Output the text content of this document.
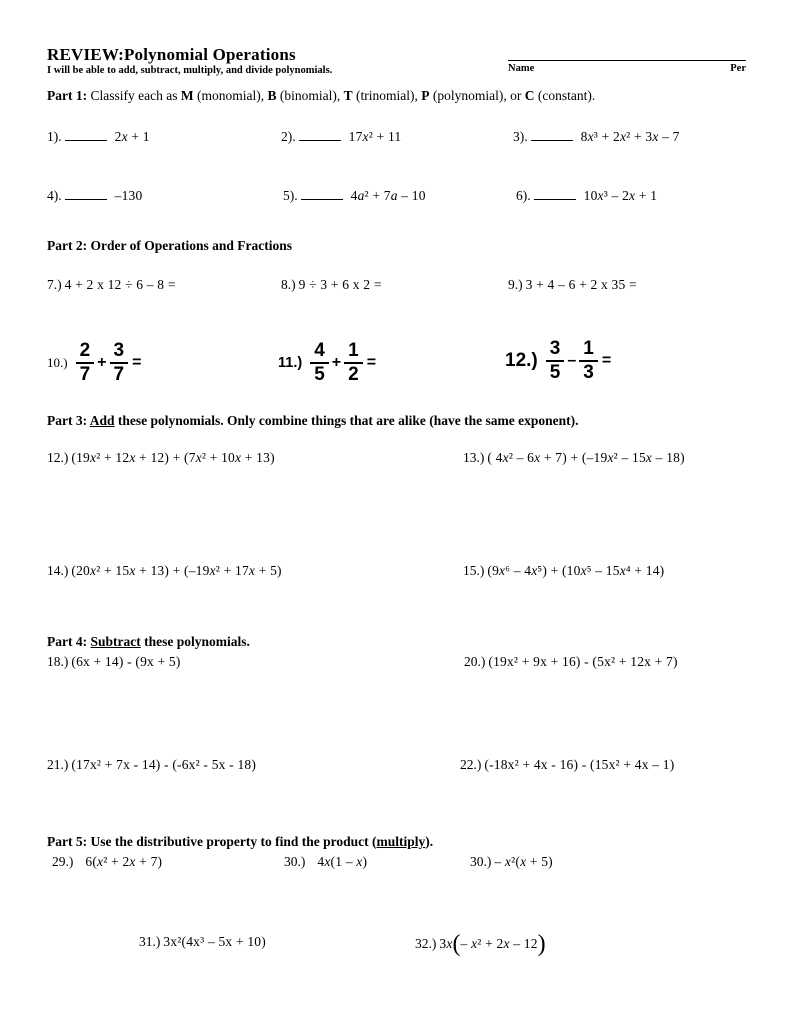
REVIEW:Polynomial Operations
I will be able to add, subtract, multiply, and divide polynomials.	Name	Per
Part 1: Classify each as M (monomial), B (binomial), T (trinomial), P (polynomial), or C (constant).
1).	2x + 1	2).	17x² + 11	3).	8x³ + 2x² + 3x – 7
4).	–130	5).	4a² + 7a – 10	6).	10x³ – 2x + 1
Part 2: Order of Operations and Fractions
7.) 4 + 2 x 12 ÷ 6 – 8 =	8.) 9 ÷ 3 + 6 x 2 =	9.) 3 + 4 – 6 + 2 x 35 =
$10.) \frac{2}{7} + \frac{3}{7}$ =	$11.) \frac{4}{5} + \frac{1}{2}$ =	$12.) \frac{3}{5} - \frac{1}{3}$ =
Part 3: Add these polynomials. Only combine things that are alike (have the same exponent).
12.) (19x² + 12x + 12) + (7x² + 10x + 13)	13.) ( 4x² – 6x + 7) + (–19x² – 15x – 18)
14.) (20x² + 15x + 13) + (–19x² + 17x + 5)	15.) (9x⁶ – 4x⁵) + (10x⁵ – 15x⁴ + 14)
Part 4: Subtract these polynomials.
18.) (6x + 14) - (9x + 5)	20.) (19x² + 9x + 16) - (5x² + 12x + 7)
21.) (17x² + 7x - 14) - (-6x² - 5x - 18)	22.) (-18x² + 4x - 16) - (15x² + 4x – 1)
Part 5: Use the distributive property to find the product (multiply).
29.) 6(x² + 2x + 7)	30.) 4x(1 – x)	30.) – x²(x + 5)
31.) 3x²(4x³ – 5x + 10)	32.) 3x(– x² + 2x – 12)
